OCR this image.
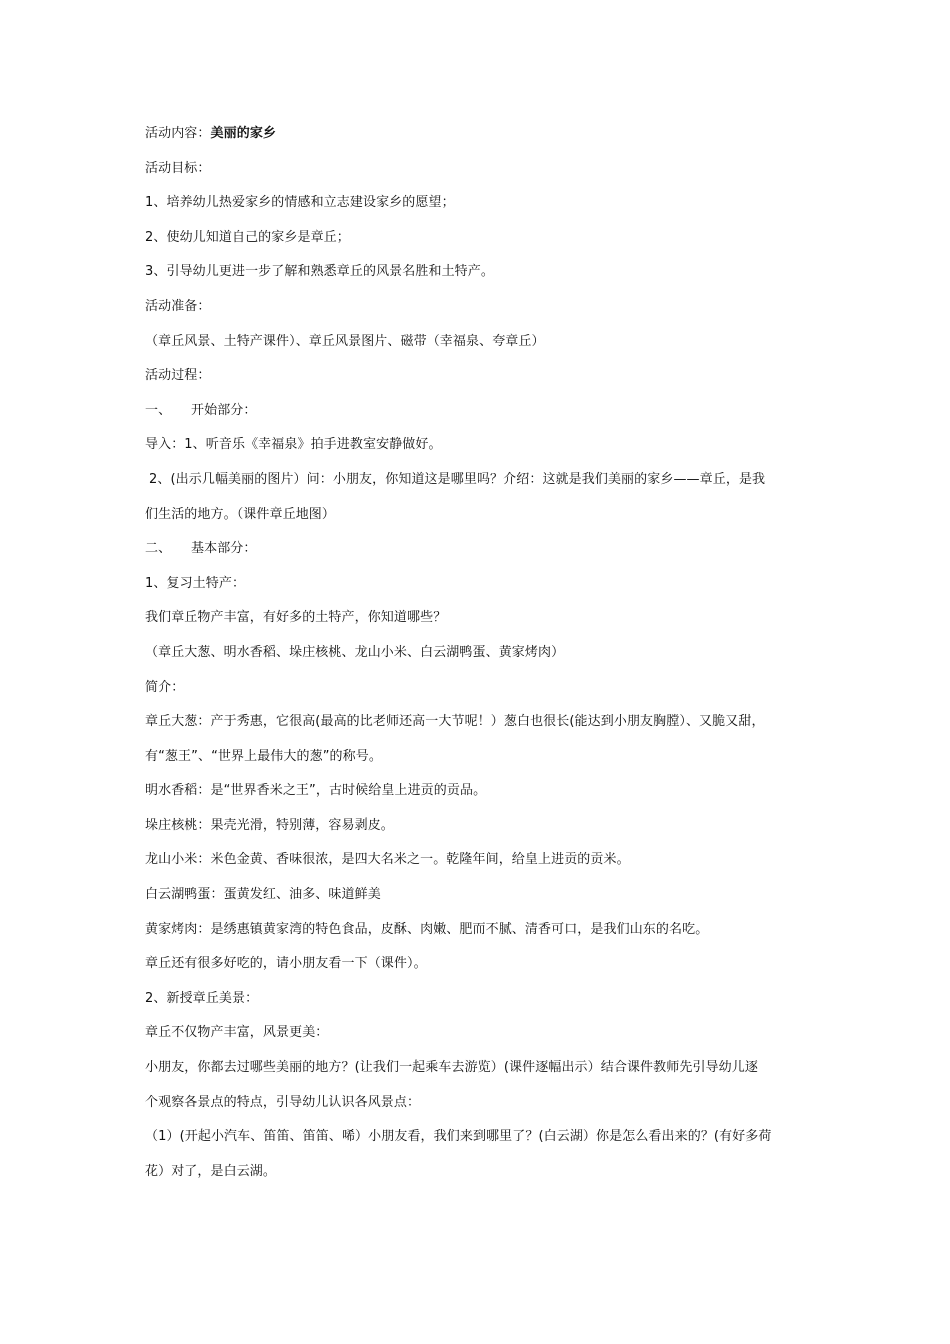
活动内容：美丽的家乡

活动目标：

1、培养幼儿热爱家乡的情感和立志建设家乡的愿望；

2、使幼儿知道自己的家乡是章丘；

3、引导幼儿更进一步了解和熟悉章丘的风景名胜和土特产。

活动准备：

（章丘风景、土特产课件）、章丘风景图片、磁带（幸福泉、夸章丘）

活动过程：

一、 开始部分：

导入：1、听音乐《幸福泉》拍手进教室安静做好。

2、(出示几幅美丽的图片）问：小朋友，你知道这是哪里吗？介绍：这就是我们美丽的家乡——章丘，是我

们生活的地方。（课件章丘地图）

二、 基本部分：

1、复习土特产：

我们章丘物产丰富，有好多的土特产，你知道哪些？

（章丘大葱、明水香稻、垛庄核桃、龙山小米、白云湖鸭蛋、黄家烤肉）

简介：

章丘大葱：产于秀惠，它很高(最高的比老师还高一大节呢！）葱白也很长(能达到小朋友胸膛）、又脆又甜，

有“葱王”、“世界上最伟大的葱”的称号。

明水香稻：是“世界香米之王”，古时候给皇上进贡的贡品。

垛庄核桃：果壳光滑，特别薄，容易剥皮。

龙山小米：米色金黄、香味很浓，是四大名米之一。乾隆年间，给皇上进贡的贡米。

白云湖鸭蛋：蛋黄发红、油多、味道鲜美

黄家烤肉：是绣惠镇黄家湾的特色食品，皮酥、肉嫩、肥而不腻、清香可口，是我们山东的名吃。

章丘还有很多好吃的，请小朋友看一下（课件）。

2、新授章丘美景：

章丘不仅物产丰富，风景更美：

小朋友，你都去过哪些美丽的地方？(让我们一起乘车去游览）(课件逐幅出示）结合课件教师先引导幼儿逐

个观察各景点的特点，引导幼儿认识各风景点：

（1）(开起小汽车、笛笛、笛笛、唏）小朋友看，我们来到哪里了？(白云湖）你是怎么看出来的？(有好多荷

花）对了，是白云湖。
